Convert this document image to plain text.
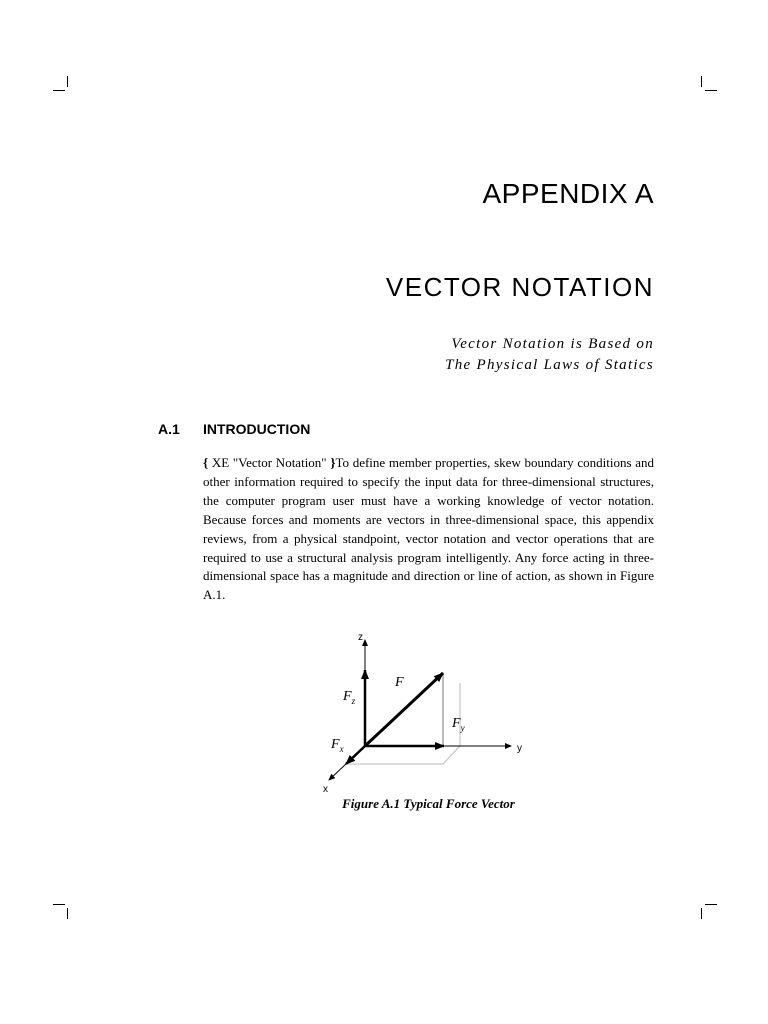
APPENDIX A
VECTOR NOTATION
Vector Notation is Based on
The Physical Laws of Statics
A.1 INTRODUCTION
{ XE "Vector Notation" }To define member properties, skew boundary conditions and other information required to specify the input data for three-dimensional structures, the computer program user must have a working knowledge of vector notation. Because forces and moments are vectors in three-dimensional space, this appendix reviews, from a physical standpoint, vector notation and vector operations that are required to use a structural analysis program intelligently. Any force acting in three-dimensional space has a magnitude and direction or line of action, as shown in Figure A.1.
z
y
x
F
$F_z$
$F_y$
$F_x$
Figure A.1 Typical Force Vector
